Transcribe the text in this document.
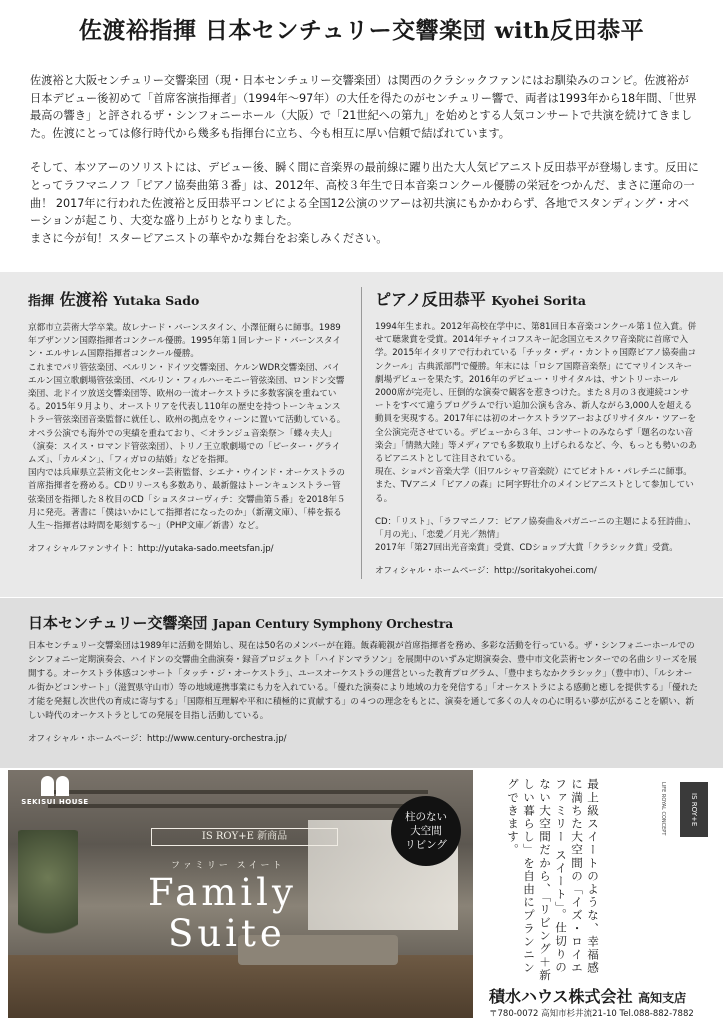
佐渡裕指揮 日本センチュリー交響楽団 with反田恭平

佐渡裕と大阪センチュリー交響楽団（現・日本センチュリー交響楽団）は関西のクラシックファンにはお馴染みのコンビ。佐渡裕が日本デビュー後初めて「首席客演指揮者」（1994年〜97年）の大任を得たのがセンチュリー響で、両者は1993年から18年間、「世界最高の響き」と評されるザ・シンフォニーホール（大阪）で「21世紀への第九」を始めとする人気コンサートで共演を続けてきました。佐渡にとっては修行時代から幾多も指揮台に立ち、今も相互に厚い信頼で結ばれています。

そして、本ツアーのソリストには、デビュー後、瞬く間に音楽界の最前線に躍り出た大人気ピアニスト反田恭平が登場します。反田にとってラフマニノフ「ピアノ協奏曲第３番」は、2012年、高校３年生で日本音楽コンクール優勝の栄冠をつかんだ、まさに運命の一曲！ 2017年に行われた佐渡裕と反田恭平コンビによる全国12公演のツアーは初共演にもかかわらず、各地でスタンディング・オベーションが起こり、大変な盛り上がりとなりました。

まさに今が旬！スターピアニストの華やかな舞台をお楽しみください。

指揮 佐渡裕 Yutaka Sado

京都市立芸術大学卒業。故レナード・バーンスタイン、小澤征爾らに師事。1989年ブザンソン国際指揮者コンクール優勝。1995年第１回レナード・バーンスタイン・エルサレム国際指揮者コンクール優勝。

これまでパリ管弦楽団、ベルリン・ドイツ交響楽団、ケルンWDR交響楽団、バイエルン国立歌劇場管弦楽団、ベルリン・フィルハーモニー管弦楽団、ロンドン交響楽団、北ドイツ放送交響楽団等、欧州の一流オーケストラに多数客演を重ねている。2015年９月より、オーストリアを代表し110年の歴史を持つトーンキュンストラー管弦楽団音楽監督に就任し、欧州の拠点をウィーンに置いて活動している。

オペラ公演でも海外での実績を重ねており、＜オランジュ音楽祭＞「蝶々夫人」（演奏：スイス・ロマンド管弦楽団）、トリノ王立歌劇場での「ピーター・グライムズ」、「カルメン」、「フィガロの結婚」などを指揮。

国内では兵庫県立芸術文化センター芸術監督、シエナ・ウインド・オーケストラの首席指揮者を務める。CDリリースも多数あり、最新盤はトーンキュンストラー管弦楽団を指揮した８枚目のCD「ショスタコーヴィチ：交響曲第５番」を2018年５月に発売。著書に「僕はいかにして指揮者になったのか」（新潮文庫）、「棒を振る人生〜指揮者は時間を彫刻する〜」（PHP文庫／新書）など。

オフィシャルファンサイト：http://yutaka-sado.meetsfan.jp/

ピアノ反田恭平 Kyohei Sorita

1994年生まれ。2012年高校在学中に、第81回日本音楽コンクール第１位入賞。併せて聴衆賞を受賞。2014年チャイコフスキー記念国立モスクワ音楽院に首席で入学。2015年イタリアで行われている「チッタ・ディ・カントゥ国際ピアノ協奏曲コンクール」古典派部門で優勝。年末には「ロシア国際音楽祭」にてマリインスキー劇場デビューを果たす。2016年のデビュー・リサイタルは、サントリーホール2000席が完売し、圧倒的な演奏で観客を惹きつけた。また８月の３夜連続コンサートをすべて違うプログラムで行い追加公演も含み、新人ながら3,000人を超える動員を実現する。2017年には初のオーケストラツアーおよびリサイタル・ツアーを全公演完売させている。デビューから３年、コンサートのみならず「題名のない音楽会」「情熱大陸」等メディアでも多数取り上げられるなど、今、もっとも勢いのあるピアニストとして注目されている。

現在、ショパン音楽大学（旧ワルシャワ音楽院）にてピオトル・パレチニに師事。また、TVアニメ「ピアノの森」に阿字野壮介のメインピアニストとして参加している。

CD：「リスト」、「ラフマニノフ：ピアノ協奏曲＆パガニーニの主題による狂詩曲」、「月の光」、「恋愛／月光／熱情」

2017年「第27回出光音楽賞」受賞、CDショップ大賞「クラシック賞」受賞。

オフィシャル・ホームページ：http://soritakyohei.com/

日本センチュリー交響楽団 Japan Century Symphony Orchestra

日本センチュリー交響楽団は1989年に活動を開始し、現在は50名のメンバーが在籍。飯森範親が首席指揮者を務め、多彩な活動を行っている。ザ・シンフォニーホールでのシンフォニー定期演奏会、ハイドンの交響曲全曲演奏・録音プロジェクト「ハイドンマラソン」を展開中のいずみ定期演奏会、豊中市文化芸術センターでの名曲シリーズを展開する。オーケストラ体感コンサート「タッチ・ジ・オーケストラ」、ユースオーケストラの運営といった教育プログラム、「豊中まちなかクラシック」（豊中市）、「ルシオール街かどコンサート」（滋賀県守山市）等の地域連携事業にも力を入れている。「優れた演奏により地域の力を発信する」「オーケストラによる感動と癒しを提供する」「優れた才能を発掘し次世代の育成に寄与する」「国際相互理解や平和に積極的に貢献する」の４つの理念をもとに、演奏を通して多くの人々の心に明るい夢が広がることを願い、新しい時代のオーケストラとしての発展を目指し活動している。

オフィシャル・ホームページ：http://www.century-orchestra.jp/

SEKISUI HOUSE
IS ROY+E 新商品
ファミリー スイート
Family
Suite
柱のない
大空間
リビング	最上級スイートのような、幸福感に満ちた大空間の「イズ・ロイエ ファミリー スイート」。仕切りのない大空間だから、「リビング＋新しい暮らし」を自由にプランニングできます。	LIFE ROYAL CONCEPT	IS ROY+E
積水ハウス株式会社 高知支店
〒780-0072 高知市杉井流21-10 Tel.088-882-7882
